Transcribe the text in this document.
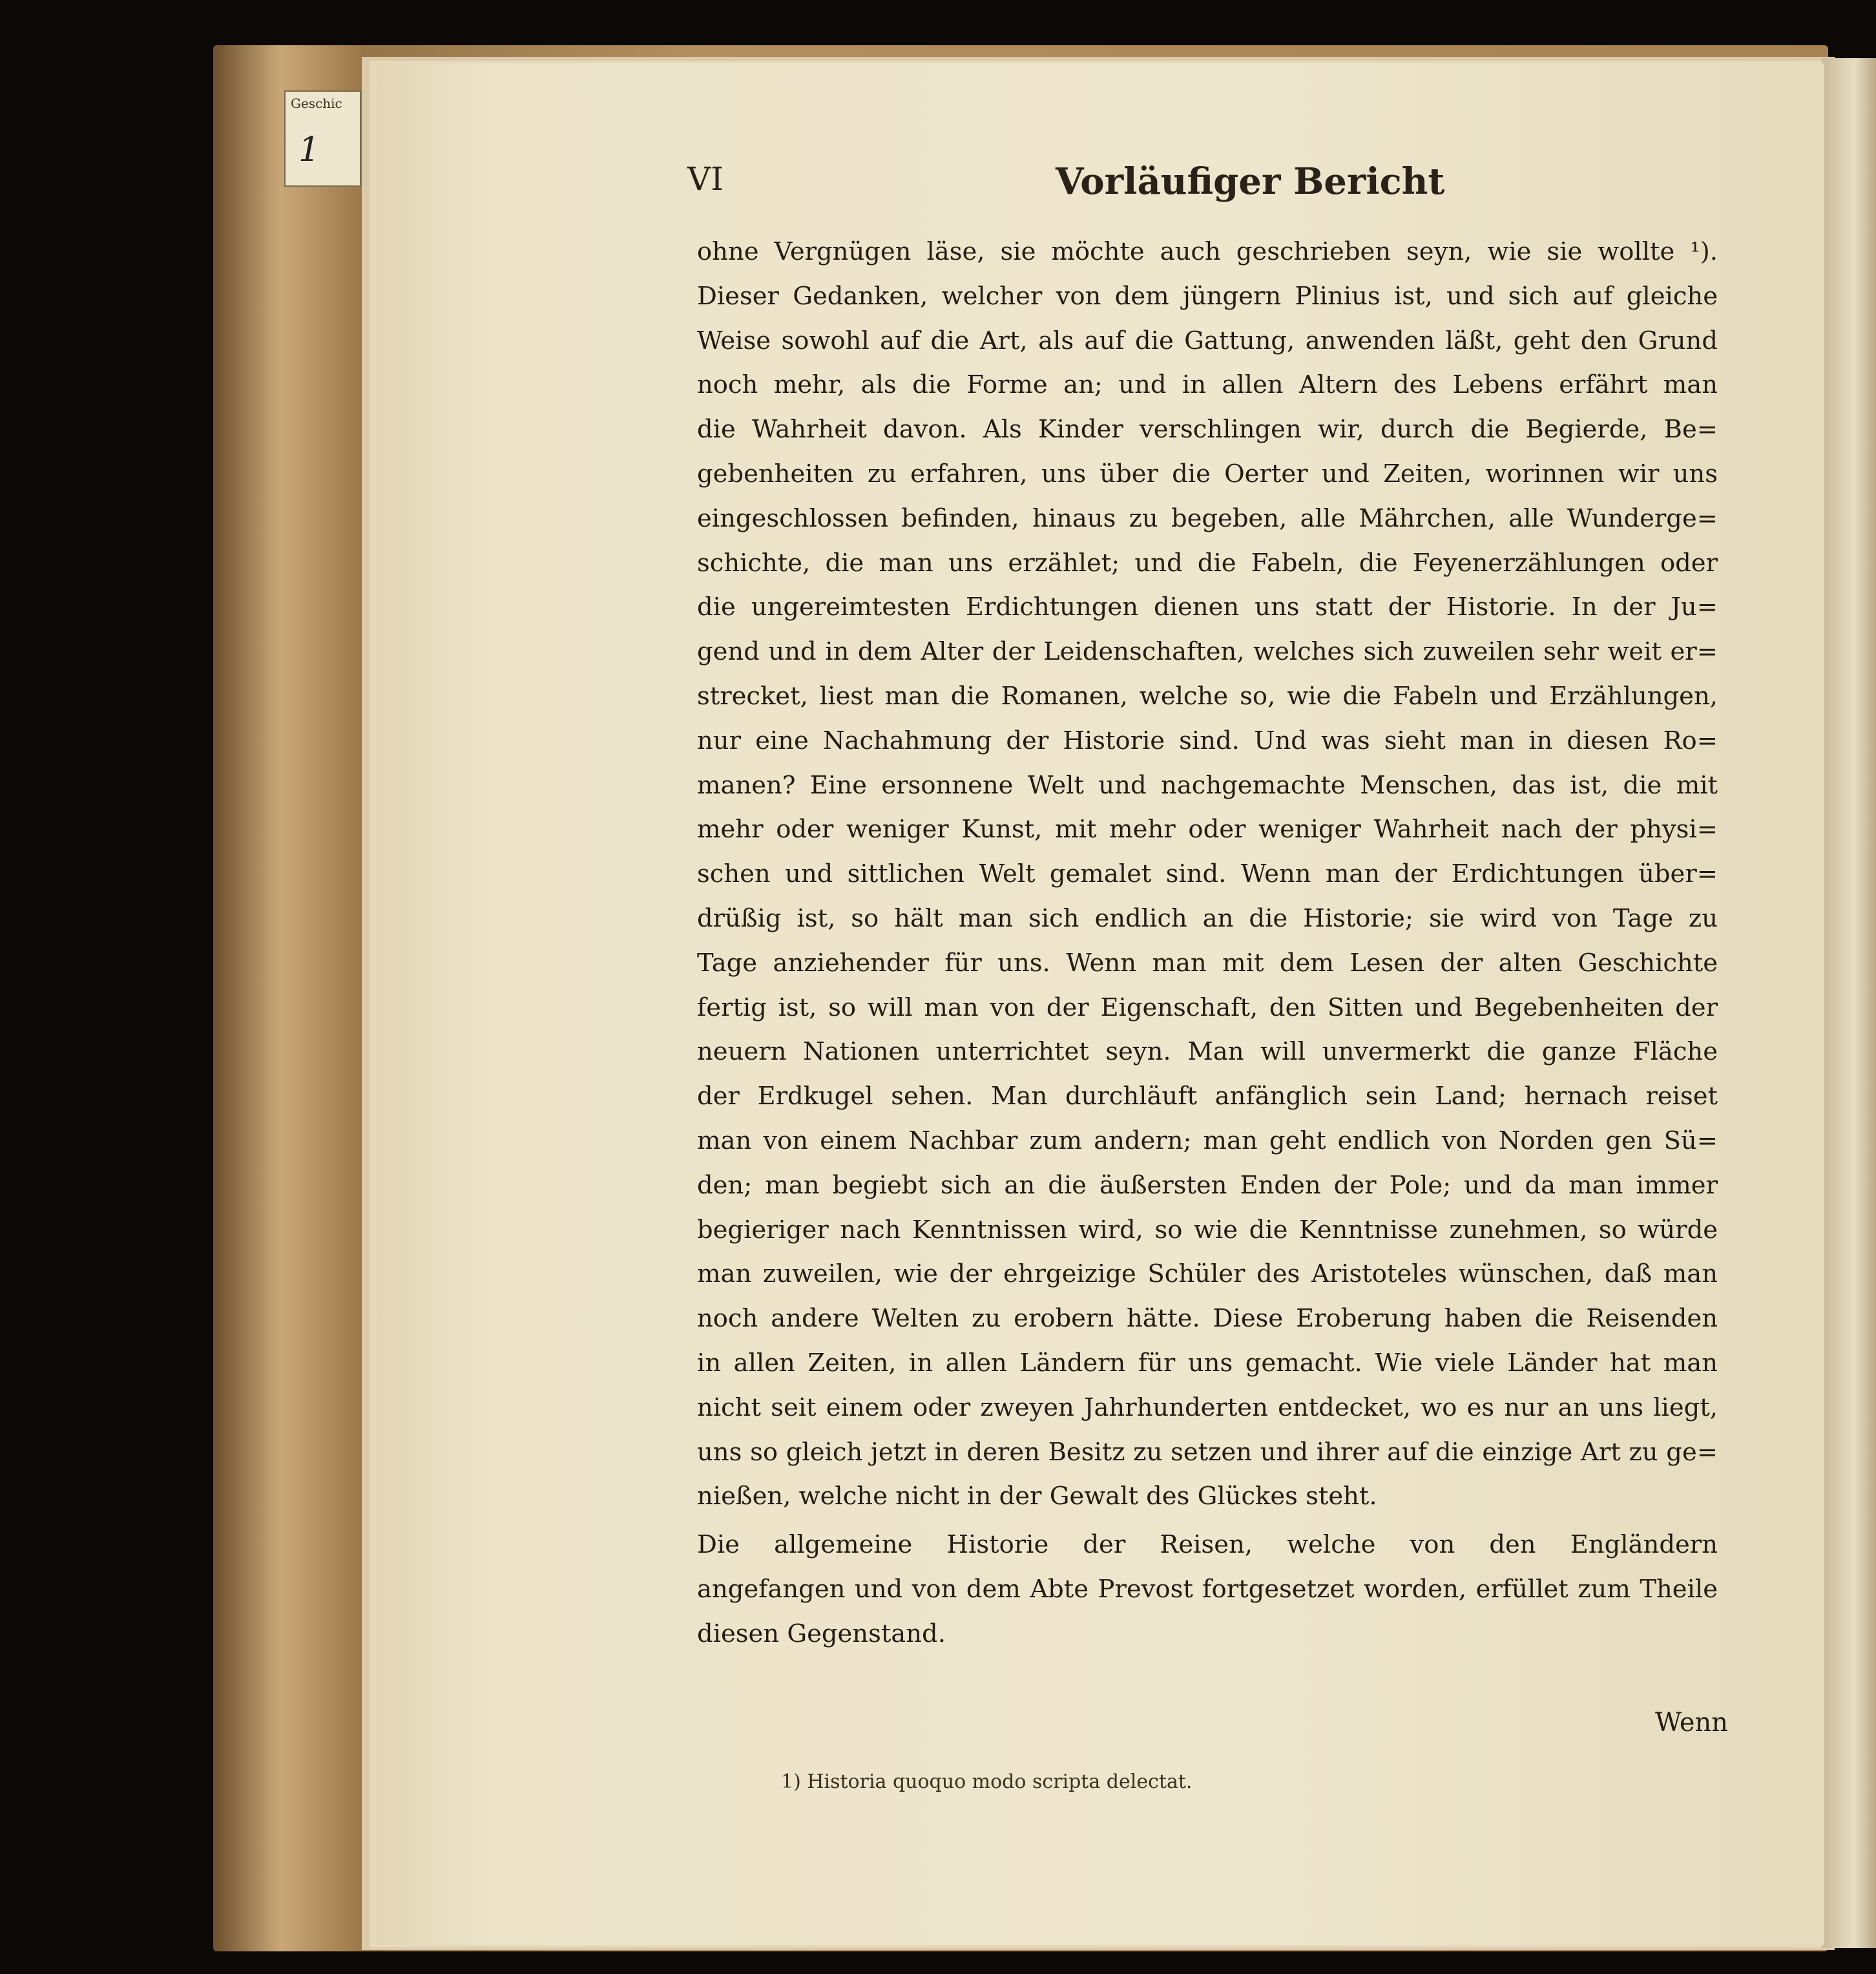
Geschic
1
VI	Vorläufiger Bericht
ohne Vergnügen läse, sie möchte auch geschrieben seyn, wie sie wollte ¹).
Dieser Gedanken, welcher von dem jüngern Plinius ist, und sich auf gleiche
Weise sowohl auf die Art, als auf die Gattung, anwenden läßt, geht den Grund
noch mehr, als die Forme an; und in allen Altern des Lebens erfährt man
die Wahrheit davon. Als Kinder verschlingen wir, durch die Begierde, Be=
gebenheiten zu erfahren, uns über die Oerter und Zeiten, worinnen wir uns
eingeschlossen befinden, hinaus zu begeben, alle Mährchen, alle Wunderge=
schichte, die man uns erzählet; und die Fabeln, die Feyenerzählungen oder
die ungereimtesten Erdichtungen dienen uns statt der Historie. In der Ju=
gend und in dem Alter der Leidenschaften, welches sich zuweilen sehr weit er=
strecket, liest man die Romanen, welche so, wie die Fabeln und Erzählungen,
nur eine Nachahmung der Historie sind. Und was sieht man in diesen Ro=
manen? Eine ersonnene Welt und nachgemachte Menschen, das ist, die mit
mehr oder weniger Kunst, mit mehr oder weniger Wahrheit nach der physi=
schen und sittlichen Welt gemalet sind. Wenn man der Erdichtungen über=
drüßig ist, so hält man sich endlich an die Historie; sie wird von Tage zu
Tage anziehender für uns. Wenn man mit dem Lesen der alten Geschichte
fertig ist, so will man von der Eigenschaft, den Sitten und Begebenheiten der
neuern Nationen unterrichtet seyn. Man will unvermerkt die ganze Fläche
der Erdkugel sehen. Man durchläuft anfänglich sein Land; hernach reiset
man von einem Nachbar zum andern; man geht endlich von Norden gen Sü=
den; man begiebt sich an die äußersten Enden der Pole; und da man immer
begieriger nach Kenntnissen wird, so wie die Kenntnisse zunehmen, so würde
man zuweilen, wie der ehrgeizige Schüler des Aristoteles wünschen, daß man
noch andere Welten zu erobern hätte. Diese Eroberung haben die Reisenden
in allen Zeiten, in allen Ländern für uns gemacht. Wie viele Länder hat man
nicht seit einem oder zweyen Jahrhunderten entdecket, wo es nur an uns liegt,
uns so gleich jetzt in deren Besitz zu setzen und ihrer auf die einzige Art zu ge=
nießen, welche nicht in der Gewalt des Glückes steht.
Die allgemeine Historie der Reisen, welche von den Engländern
angefangen und von dem Abte Prevost fortgesetzet worden, erfüllet zum Theile
diesen Gegenstand.
Wenn
1) Historia quoquo modo scripta delectat.
